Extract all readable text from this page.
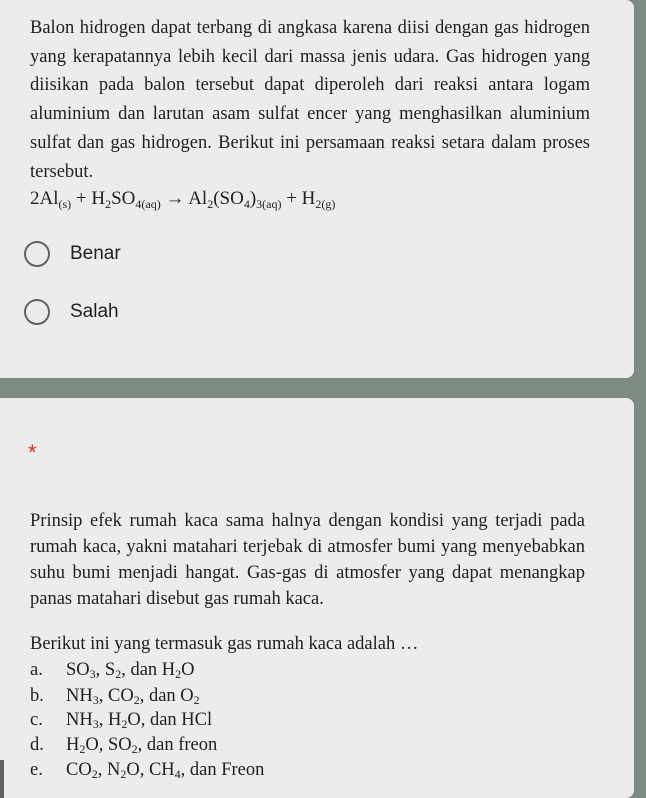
Balon hidrogen dapat terbang di angkasa karena diisi dengan gas hidrogen yang kerapatannya lebih kecil dari massa jenis udara. Gas hidrogen yang diisikan pada balon tersebut dapat diperoleh dari reaksi antara logam aluminium dan larutan asam sulfat encer yang menghasilkan aluminium sulfat dan gas hidrogen. Berikut ini persamaan reaksi setara dalam proses tersebut.

$2Al_{(s)} + H_2SO_{4(aq)} \to Al_2(SO_4)_{3(aq)} + H_{2(g)}$
Benar
Salah
*

Prinsip efek rumah kaca sama halnya dengan kondisi yang terjadi pada rumah kaca, yakni matahari terjebak di atmosfer bumi yang menyebabkan suhu bumi menjadi hangat. Gas-gas di atmosfer yang dapat menangkap panas matahari disebut gas rumah kaca.

Berikut ini yang termasuk gas rumah kaca adalah …
a. $SO_3$, $S_2$, dan $H_2O$
b. $NH_3$, $CO_2$, dan $O_2$
c. $NH_3$, $H_2O$, dan HCl
d. $H_2O$, $SO_2$, dan freon
e. $CO_2$, $N_2O$, $CH_4$, dan Freon
